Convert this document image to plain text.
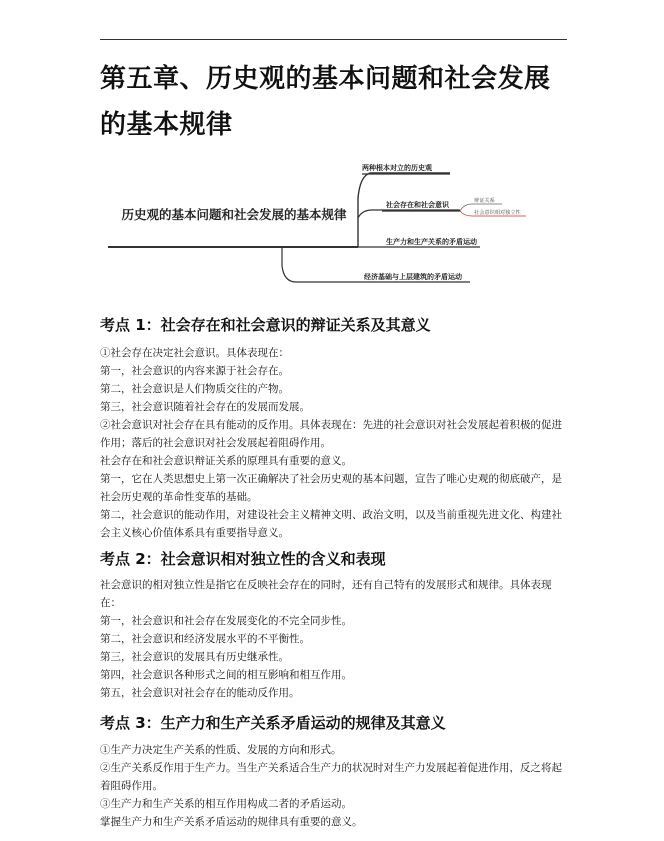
第五章、历史观的基本问题和社会发展的基本规律
历史观的基本问题和社会发展的基本规律
两种根本对立的历史观
社会存在和社会意识	辩证关系
社会意识相对独立性
生产力和生产关系的矛盾运动
经济基础与上层建筑的矛盾运动
考点 1：社会存在和社会意识的辩证关系及其意义

①社会存在决定社会意识。具体表现在：

第一，社会意识的内容来源于社会存在。

第二，社会意识是人们物质交往的产物。

第三，社会意识随着社会存在的发展而发展。

②社会意识对社会存在具有能动的反作用。具体表现在：先进的社会意识对社会发展起着积极的促进作用；落后的社会意识对社会发展起着阻碍作用。

社会存在和社会意识辩证关系的原理具有重要的意义。

第一，它在人类思想史上第一次正确解决了社会历史观的基本问题，宣告了唯心史观的彻底破产，是社会历史观的革命性变革的基础。

第二，社会意识的能动作用，对建设社会主义精神文明、政治文明，以及当前重视先进文化、构建社会主义核心价值体系具有重要指导意义。

考点 2：社会意识相对独立性的含义和表现

社会意识的相对独立性是指它在反映社会存在的同时，还有自己特有的发展形式和规律。具体表现在：

第一，社会意识和社会存在发展变化的不完全同步性。

第二，社会意识和经济发展水平的不平衡性。

第三，社会意识的发展具有历史继承性。

第四，社会意识各种形式之间的相互影响和相互作用。

第五，社会意识对社会存在的能动反作用。

考点 3：生产力和生产关系矛盾运动的规律及其意义

①生产力决定生产关系的性质、发展的方向和形式。

②生产关系反作用于生产力。当生产关系适合生产力的状况时对生产力发展起着促进作用，反之将起着阻碍作用。

③生产力和生产关系的相互作用构成二者的矛盾运动。

掌握生产力和生产关系矛盾运动的规律具有重要的意义。
